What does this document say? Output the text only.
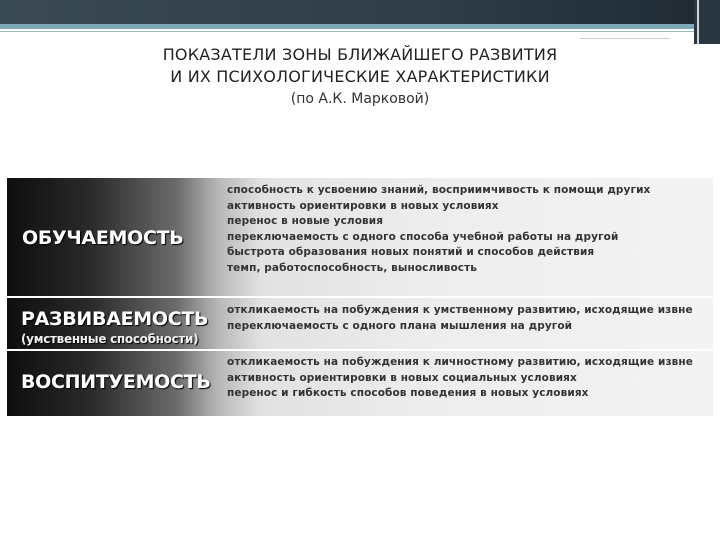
ПОКАЗАТЕЛИ ЗОНЫ БЛИЖАЙШЕГО РАЗВИТИЯ
И ИХ ПСИХОЛОГИЧЕСКИЕ ХАРАКТЕРИСТИКИ
(по А.К. Марковой)
ОБУЧАЕМОСТЬ
РАЗВИВАЕМОСТЬ
(умственные способности)
ВОСПИТУЕМОСТЬ
способность к усвоению знаний, восприимчивость к помощи других
активность ориентировки в новых условиях
перенос в новые условия
переключаемость с одного способа учебной работы на другой
быстрота образования новых понятий и способов действия
темп, работоспособность, выносливость
откликаемость на побуждения к умственному развитию, исходящие извне
переключаемость с одного плана мышления на другой
откликаемость на побуждения к личностному развитию, исходящие извне
активность ориентировки в новых социальных условиях
перенос и гибкость способов поведения в новых условиях
